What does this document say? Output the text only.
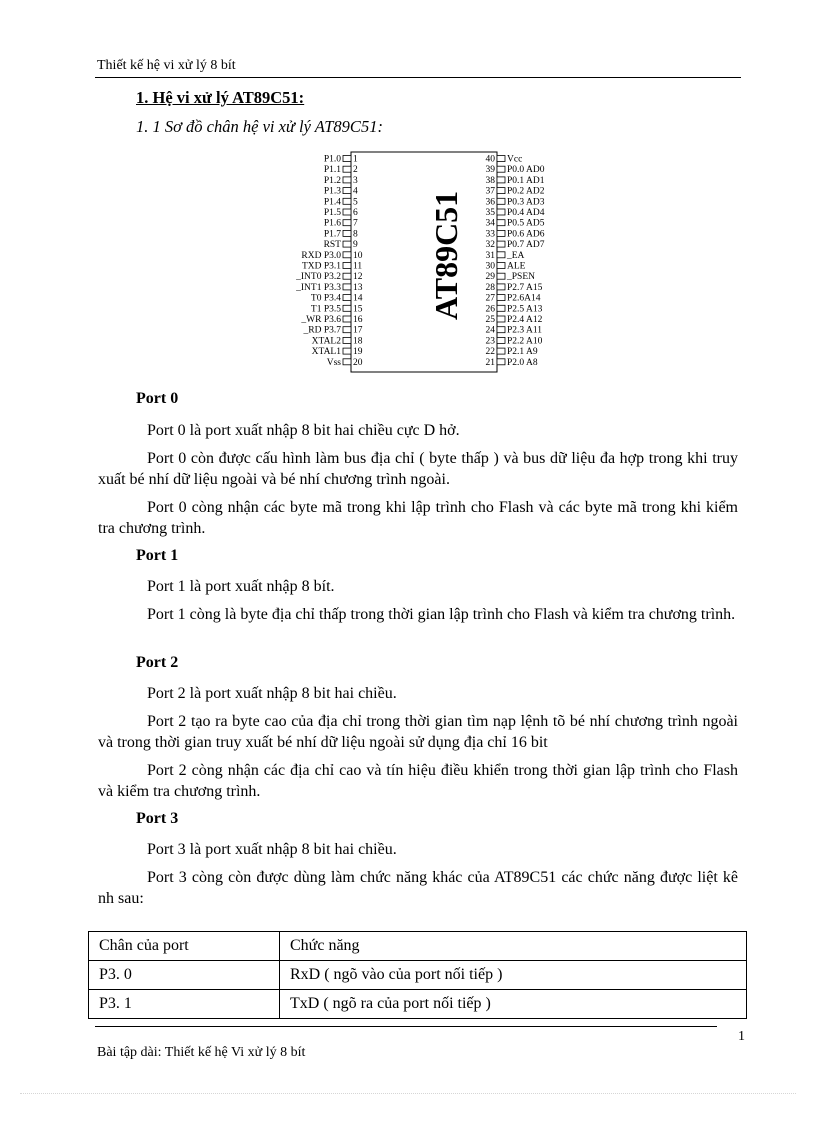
Thiết kế hệ vi xử lý 8 bít
1. Hệ vi xử lý AT89C51:
1. 1 Sơ đồ chân hệ vi xử lý AT89C51:
AT89C51
P1.0 1
P1.1 2
P1.2 3
P1.3 4
P1.4 5
P1.5 6
P1.6 7
P1.7 8
RST 9
RXD P3.0 10
TXD P3.1 11
_INT0 P3.2 12
_INT1 P3.3 13
T0 P3.4 14
T1 P3.5 15
_WR P3.6 16
_RD P3.7 17
XTAL2 18
XTAL1 19
Vss 20
40 Vcc
39 P0.0 AD0
38 P0.1 AD1
37 P0.2 AD2
36 P0.3 AD3
35 P0.4 AD4
34 P0.5 AD5
33 P0.6 AD6
32 P0.7 AD7
31 _EA
30 ALE
29 _PSEN
28 P2.7 A15
27 P2.6A14
26 P2.5 A13
25 P2.4 A12
24 P2.3 A11
23 P2.2 A10
22 P2.1 A9
21 P2.0 A8
Port 0
Port 0 là port xuất nhập 8 bit hai chiều cực D hở.
Port 0 còn được cấu hình làm bus địa chỉ ( byte thấp ) và bus dữ liệu đa hợp trong khi truy xuất bé nhí dữ liệu ngoài và bé nhí chương trình ngoài.
Port 0 còng nhận các byte mã trong khi lập trình cho Flash và các byte mã trong khi kiểm tra chương trình.
Port 1
Port 1 là port xuất nhập 8 bít.
Port 1 còng là byte địa chỉ thấp trong thời gian lập trình cho Flash và kiểm tra chương trình.
Port 2
Port 2 là port xuất nhập 8 bit hai chiều.
Port 2 tạo ra byte cao của địa chỉ trong thời gian tìm nạp lệnh tõ bé nhí chương trình ngoài và trong thời gian truy xuất bé nhí dữ liệu ngoài sử dụng địa chỉ 16 bit
Port 2 còng nhận các địa chỉ cao và tín hiệu điều khiển trong thời gian lập trình cho Flash và kiểm tra chương trình.
Port 3
Port 3 là port xuất nhập 8 bit hai chiều.
Port 3 còng còn được dùng làm chức năng khác của AT89C51 các chức năng được liệt kê nh sau:
Chân của port	Chức năng
P3. 0	RxD ( ngõ vào của port nối tiếp )
P3. 1	TxD ( ngõ ra của port nối tiếp )
1
Bài tập dài: Thiết kế hệ Vi xử lý 8 bít
